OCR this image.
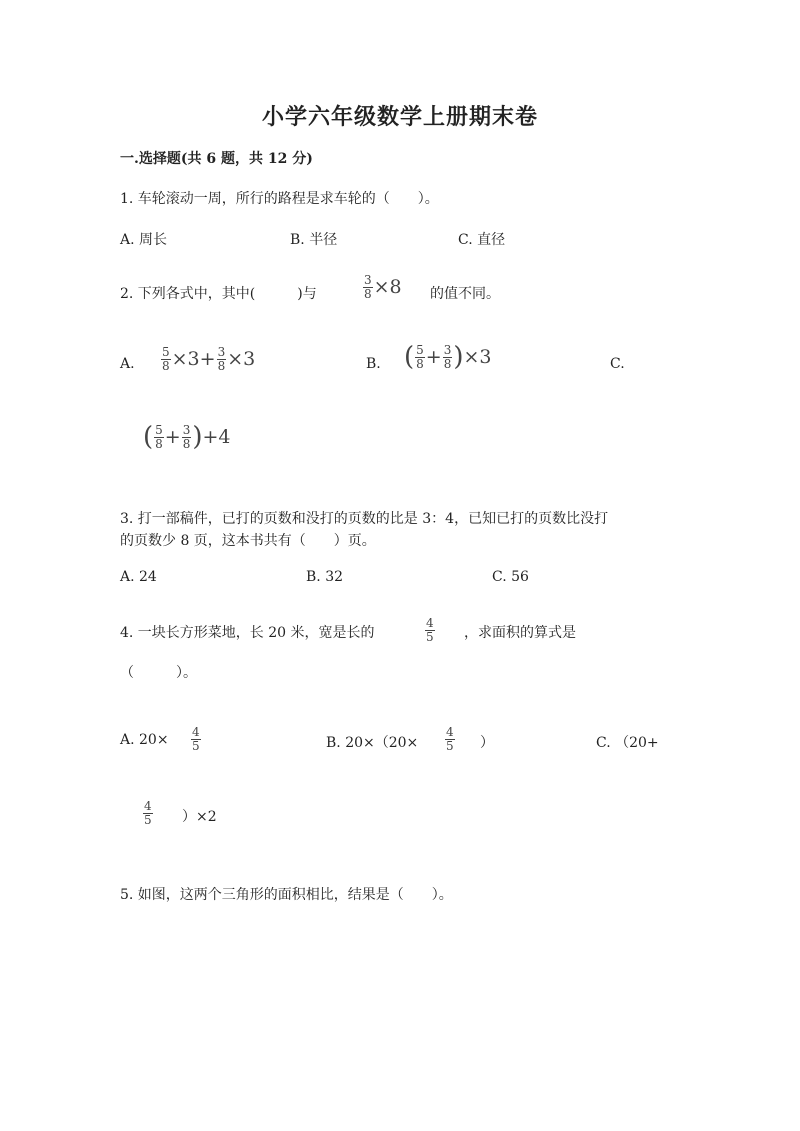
小学六年级数学上册期末卷
一.选择题(共 6 题，共 12 分)
1. 车轮滚动一周，所行的路程是求车轮的（　　）。
A. 周长	B. 半径	C. 直径
2. 下列各式中，其中(　　　)与	$\frac{3}{8} \times 8$ 的值不同。
A. $\frac{5}{8} \times 3+ \frac{3}{8} \times 3$	B. ( $\frac{5}{8} + \frac{3}{8} )\times 3$	C.
( $\frac{5}{8} + \frac{3}{8} )+4$
3. 打一部稿件，已打的页数和没打的页数的比是 3：4，已知已打的页数比没打
的页数少 8 页，这本书共有（　　）页。
A. 24	B. 32	C. 56
4. 一块长方形菜地，长 20 米，宽是长的	$\frac{4}{5}$ ，求面积的算式是
（　　　）。
A. $20\times \frac{4}{5}$	B. $20\times(20\times \frac{4}{5}$ ）	C. （20+
$\frac{4}{5} )\times 2$
5. 如图，这两个三角形的面积相比，结果是（　　）。
